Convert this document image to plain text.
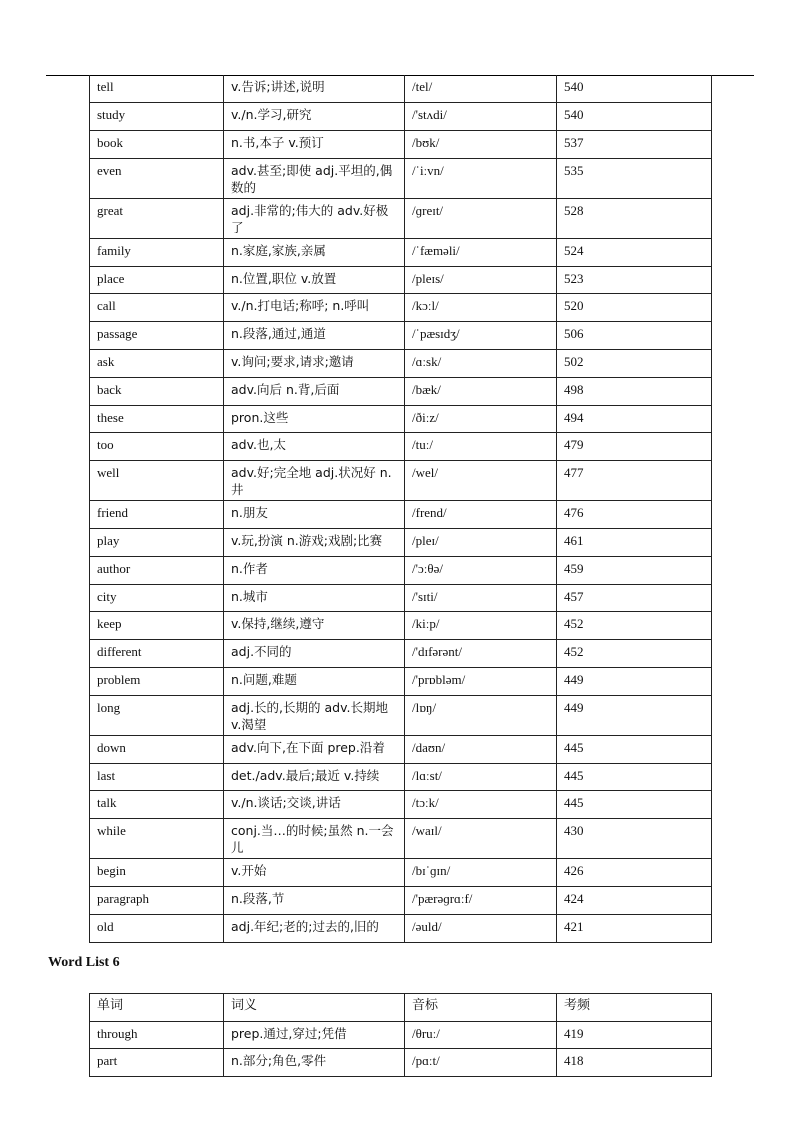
tell	v.告诉;讲述,说明	/tel/	540
study	v./n.学习,研究	/'stʌdi/	540
book	n.书,本子 v.预订	/bʊk/	537
even	adv.甚至;即使 adj.平坦的,偶数的	/ˈiːvn/	535
great	adj.非常的;伟大的 adv.好极了	/ɡreɪt/	528
family	n.家庭,家族,亲属	/ˈfæməli/	524
place	n.位置,职位 v.放置	/pleɪs/	523
call	v./n.打电话;称呼; n.呼叫	/kɔːl/	520
passage	n.段落,通过,通道	/ˈpæsɪdʒ/	506
ask	v.询问;要求,请求;邀请	/ɑːsk/	502
back	adv.向后 n.背,后面	/bæk/	498
these	pron.这些	/ðiːz/	494
too	adv.也,太	/tuː/	479
well	adv.好;完全地 adj.状况好 n.井	/wel/	477
friend	n.朋友	/frend/	476
play	v.玩,扮演 n.游戏;戏剧;比赛	/pleɪ/	461
author	n.作者	/'ɔːθə/	459
city	n.城市	/'sɪti/	457
keep	v.保持,继续,遵守	/kiːp/	452
different	adj.不同的	/'dɪfərənt/	452
problem	n.问题,难题	/'prɒbləm/	449
long	adj.长的,长期的 adv.长期地 v.渴望	/lɒŋ/	449
down	adv.向下,在下面 prep.沿着	/daʊn/	445
last	det./adv.最后;最近 v.持续	/lɑːst/	445
talk	v./n.谈话;交谈,讲话	/tɔːk/	445
while	conj.当…的时候;虽然 n.一会儿	/waɪl/	430
begin	v.开始	/bɪˈɡɪn/	426
paragraph	n.段落,节	/'pærəɡrɑːf/	424
old	adj.年纪;老的;过去的,旧的	/əuld/	421
Word List 6
单词	词义	音标	考频
through	prep.通过,穿过;凭借	/θruː/	419
part	n.部分;角色,零件	/pɑːt/	418
